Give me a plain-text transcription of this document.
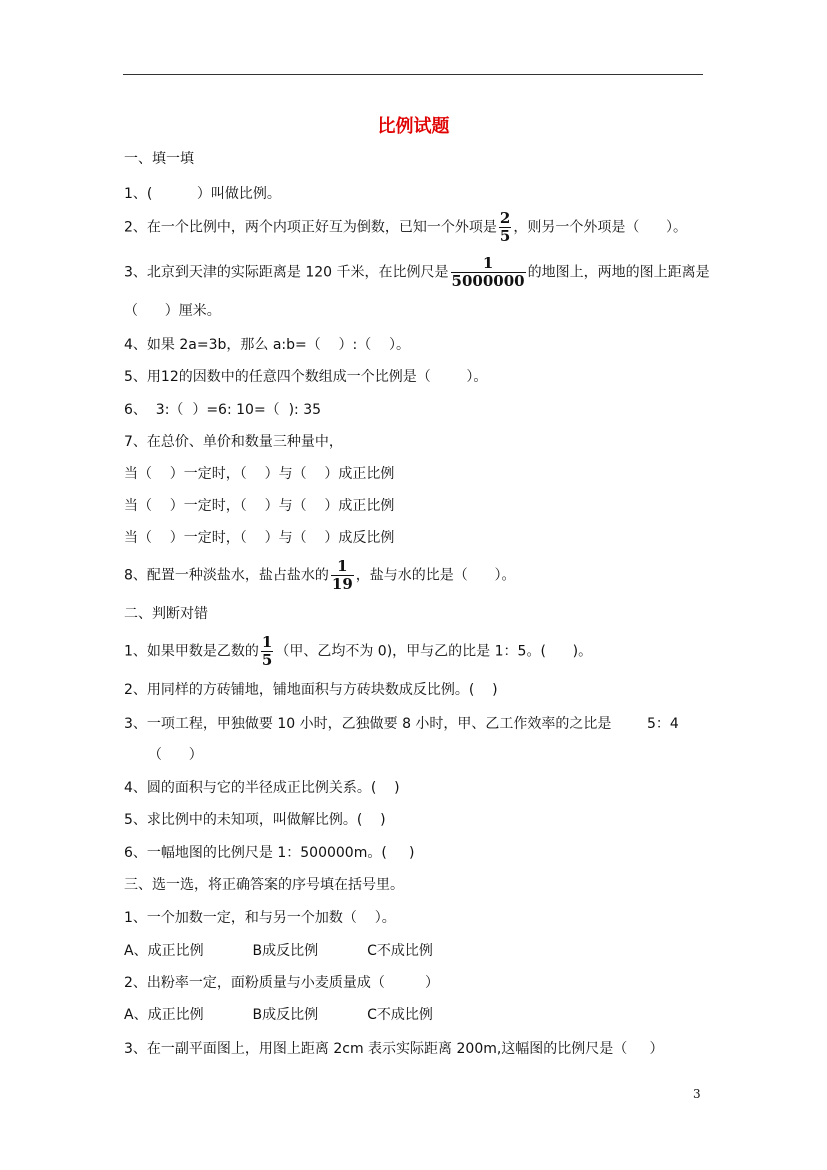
比例试题
一、填一填
1、(          ）叫做比例。
2、在一个比例中，两个内项正好互为倒数，已知一个外项是 $\frac{2}{5}$ ，则另一个外项是（      ）。
3、北京到天津的实际距离是 120 千米，在比例尺是 $\frac{1}{5000000}$ 的地图上，两地的图上距离是
（      ）厘米。
4、如果 2a=3b，那么 a:b=（    ）:（    ）。
5、用12的因数中的任意四个数组成一个比例是（        ）。
6、  3:（  ）=6: 10=（  ): 35
7、在总价、单价和数量三种量中，
当（    ）一定时，（    ）与（    ）成正比例
当（    ）一定时，（    ）与（    ）成正比例
当（    ）一定时，（    ）与（    ）成反比例
8、配置一种淡盐水，盐占盐水的 $\frac{1}{19}$ ，盐与水的比是（      ）。
二、判断对错
1、如果甲数是乙数的 $\frac{1}{5}$ （甲、乙均不为 0)，甲与乙的比是 1：5。(      )。
2、用同样的方砖铺地，铺地面积与方砖块数成反比例。(    )
3、一项工程，甲独做要 10 小时，乙独做要 8 小时，甲、乙工作效率的之比是        5：4
（      ）
4、圆的面积与它的半径成正比例关系。(    )
5、求比例中的未知项，叫做解比例。(    )
6、一幅地图的比例尺是 1：500000m。(     )
三、选一选，将正确答案的序号填在括号里。
1、一个加数一定，和与另一个加数（    ）。
A、成正比例           B成反比例           C不成比例
2、出粉率一定，面粉质量与小麦质量成（         ）
A、成正比例           B成反比例           C不成比例
3、在一副平面图上，用图上距离 2cm 表示实际距离 200m,这幅图的比例尺是（     ）
3
